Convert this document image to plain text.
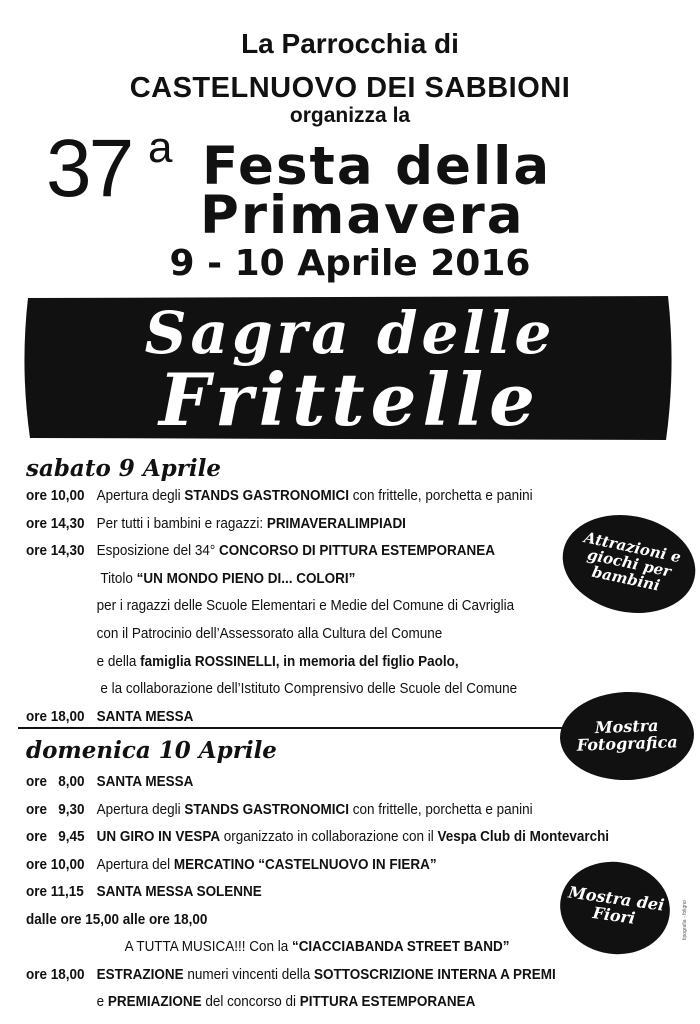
La Parrocchia di
CASTELNUOVO DEI SABBIONI
organizza la
37 a Festa della
Primavera
9 - 10 Aprile 2016
Sagra delle
Frittelle
sabato 9 Aprile
ore 10,00 Apertura degli STANDS GASTRONOMICI con frittelle, porchetta e panini
ore 14,30 Per tutti i bambini e ragazzi: PRIMAVERALIMPIADI
ore 14,30 Esposizione del 34° CONCORSO DI PITTURA ESTEMPORANEA
Titolo “UN MONDO PIENO DI... COLORI”
per i ragazzi delle Scuole Elementari e Medie del Comune di Cavriglia
con il Patrocinio dell’Assessorato alla Cultura del Comune
e della famiglia ROSSINELLI, in memoria del figlio Paolo,
e la collaborazione dell’Istituto Comprensivo delle Scuole del Comune
ore 18,00 SANTA MESSA
domenica 10 Aprile
ore   8,00 SANTA MESSA
ore   9,30 Apertura degli STANDS GASTRONOMICI con frittelle, porchetta e panini
ore   9,45 UN GIRO IN VESPA organizzato in collaborazione con il Vespa Club di Montevarchi
ore 10,00 Apertura del MERCATINO “CASTELNUOVO IN FIERA”
ore 11,15 SANTA MESSA SOLENNE
dalle ore 15,00 alle ore 18,00
A TUTTA MUSICA!!! Con la “CIACCIABANDA STREET BAND”
ore 18,00 ESTRAZIONE numeri vincenti della SOTTOSCRIZIONE INTERNA A PREMI
e PREMIAZIONE del concorso di PITTURA ESTEMPORANEA
Attrazioni e giochi per bambini
Mostra Fotografica
Mostra dei Fiori	tipografia - foligno
